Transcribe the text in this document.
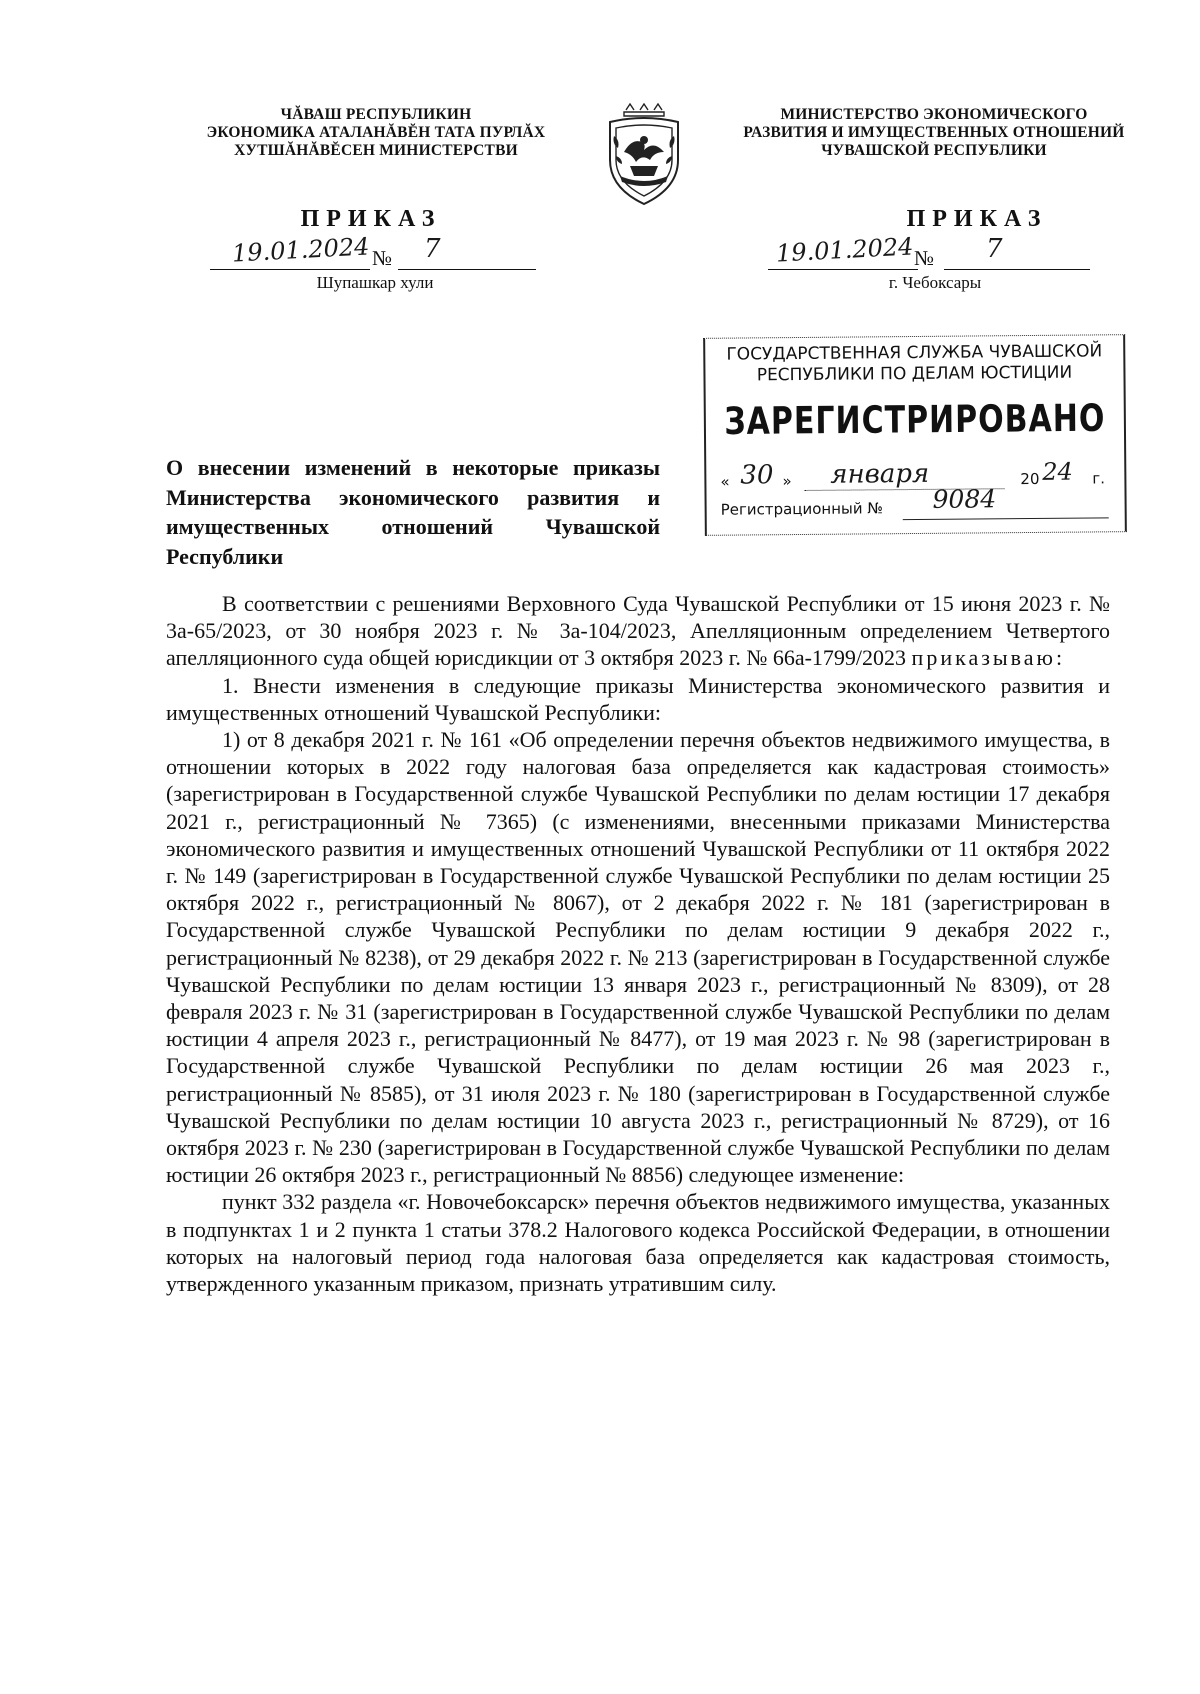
ЧĂВАШ РЕСПУБЛИКИН
ЭКОНОМИКА АТАЛАНĂВĔН ТАТА ПУРЛĂХ
ХУТШĂНĂВĔСЕН МИНИСТЕРСТВИ
МИНИСТЕРСТВО ЭКОНОМИЧЕСКОГО
РАЗВИТИЯ И ИМУЩЕСТВЕННЫХ ОТНОШЕНИЙ
ЧУВАШСКОЙ РЕСПУБЛИКИ
ПРИКАЗ
19.01.2024 № 7
Шупашкар хули
ПРИКАЗ
19.01.2024 № 7
г. Чебоксары
ГОСУДАРСТВЕННАЯ СЛУЖБА ЧУВАШСКОЙ
РЕСПУБЛИКИ ПО ДЕЛАМ ЮСТИЦИИ
ЗАРЕГИСТРИРОВАНО
« 30 » января	20 24 г.
Регистрационный № 9084
О внесении изменений в некоторые приказы Министерства экономического развития и имущественных отношений Чувашской Республики

В соответствии с решениями Верховного Суда Чувашской Республики от 15 июня 2023 г. № 3а-65/2023, от 30 ноября 2023 г. № 3а-104/2023, Апелляционным определением Четвертого апелляционного суда общей юрисдикции от 3 октября 2023 г. № 66а-1799/2023 приказываю:

1. Внести изменения в следующие приказы Министерства экономического развития и имущественных отношений Чувашской Республики:

1) от 8 декабря 2021 г. № 161 «Об определении перечня объектов недвижимого имущества, в отношении которых в 2022 году налоговая база определяется как кадастровая стоимость» (зарегистрирован в Государственной службе Чувашской Республики по делам юстиции 17 декабря 2021 г., регистрационный № 7365) (с изменениями, внесенными приказами Министерства экономического развития и имущественных отношений Чувашской Республики от 11 октября 2022 г. № 149 (зарегистрирован в Государственной службе Чувашской Республики по делам юстиции 25 октября 2022 г., регистрационный № 8067), от 2 декабря 2022 г. № 181 (зарегистрирован в Государственной службе Чувашской Республики по делам юстиции 9 декабря 2022 г., регистрационный № 8238), от 29 декабря 2022 г. № 213 (зарегистрирован в Государственной службе Чувашской Республики по делам юстиции 13 января 2023 г., регистрационный № 8309), от 28 февраля 2023 г. № 31 (зарегистрирован в Государственной службе Чувашской Республики по делам юстиции 4 апреля 2023 г., регистрационный № 8477), от 19 мая 2023 г. № 98 (зарегистрирован в Государственной службе Чувашской Республики по делам юстиции 26 мая 2023 г., регистрационный № 8585), от 31 июля 2023 г. № 180 (зарегистрирован в Государственной службе Чувашской Республики по делам юстиции 10 августа 2023 г., регистрационный № 8729), от 16 октября 2023 г. № 230 (зарегистрирован в Государственной службе Чувашской Республики по делам юстиции 26 октября 2023 г., регистрационный № 8856) следующее изменение:

пункт 332 раздела «г. Новочебоксарск» перечня объектов недвижимого имущества, указанных в подпунктах 1 и 2 пункта 1 статьи 378.2 Налогового кодекса Российской Федерации, в отношении которых на налоговый период года налоговая база определяется как кадастровая стоимость, утвержденного указанным приказом, признать утратившим силу.
